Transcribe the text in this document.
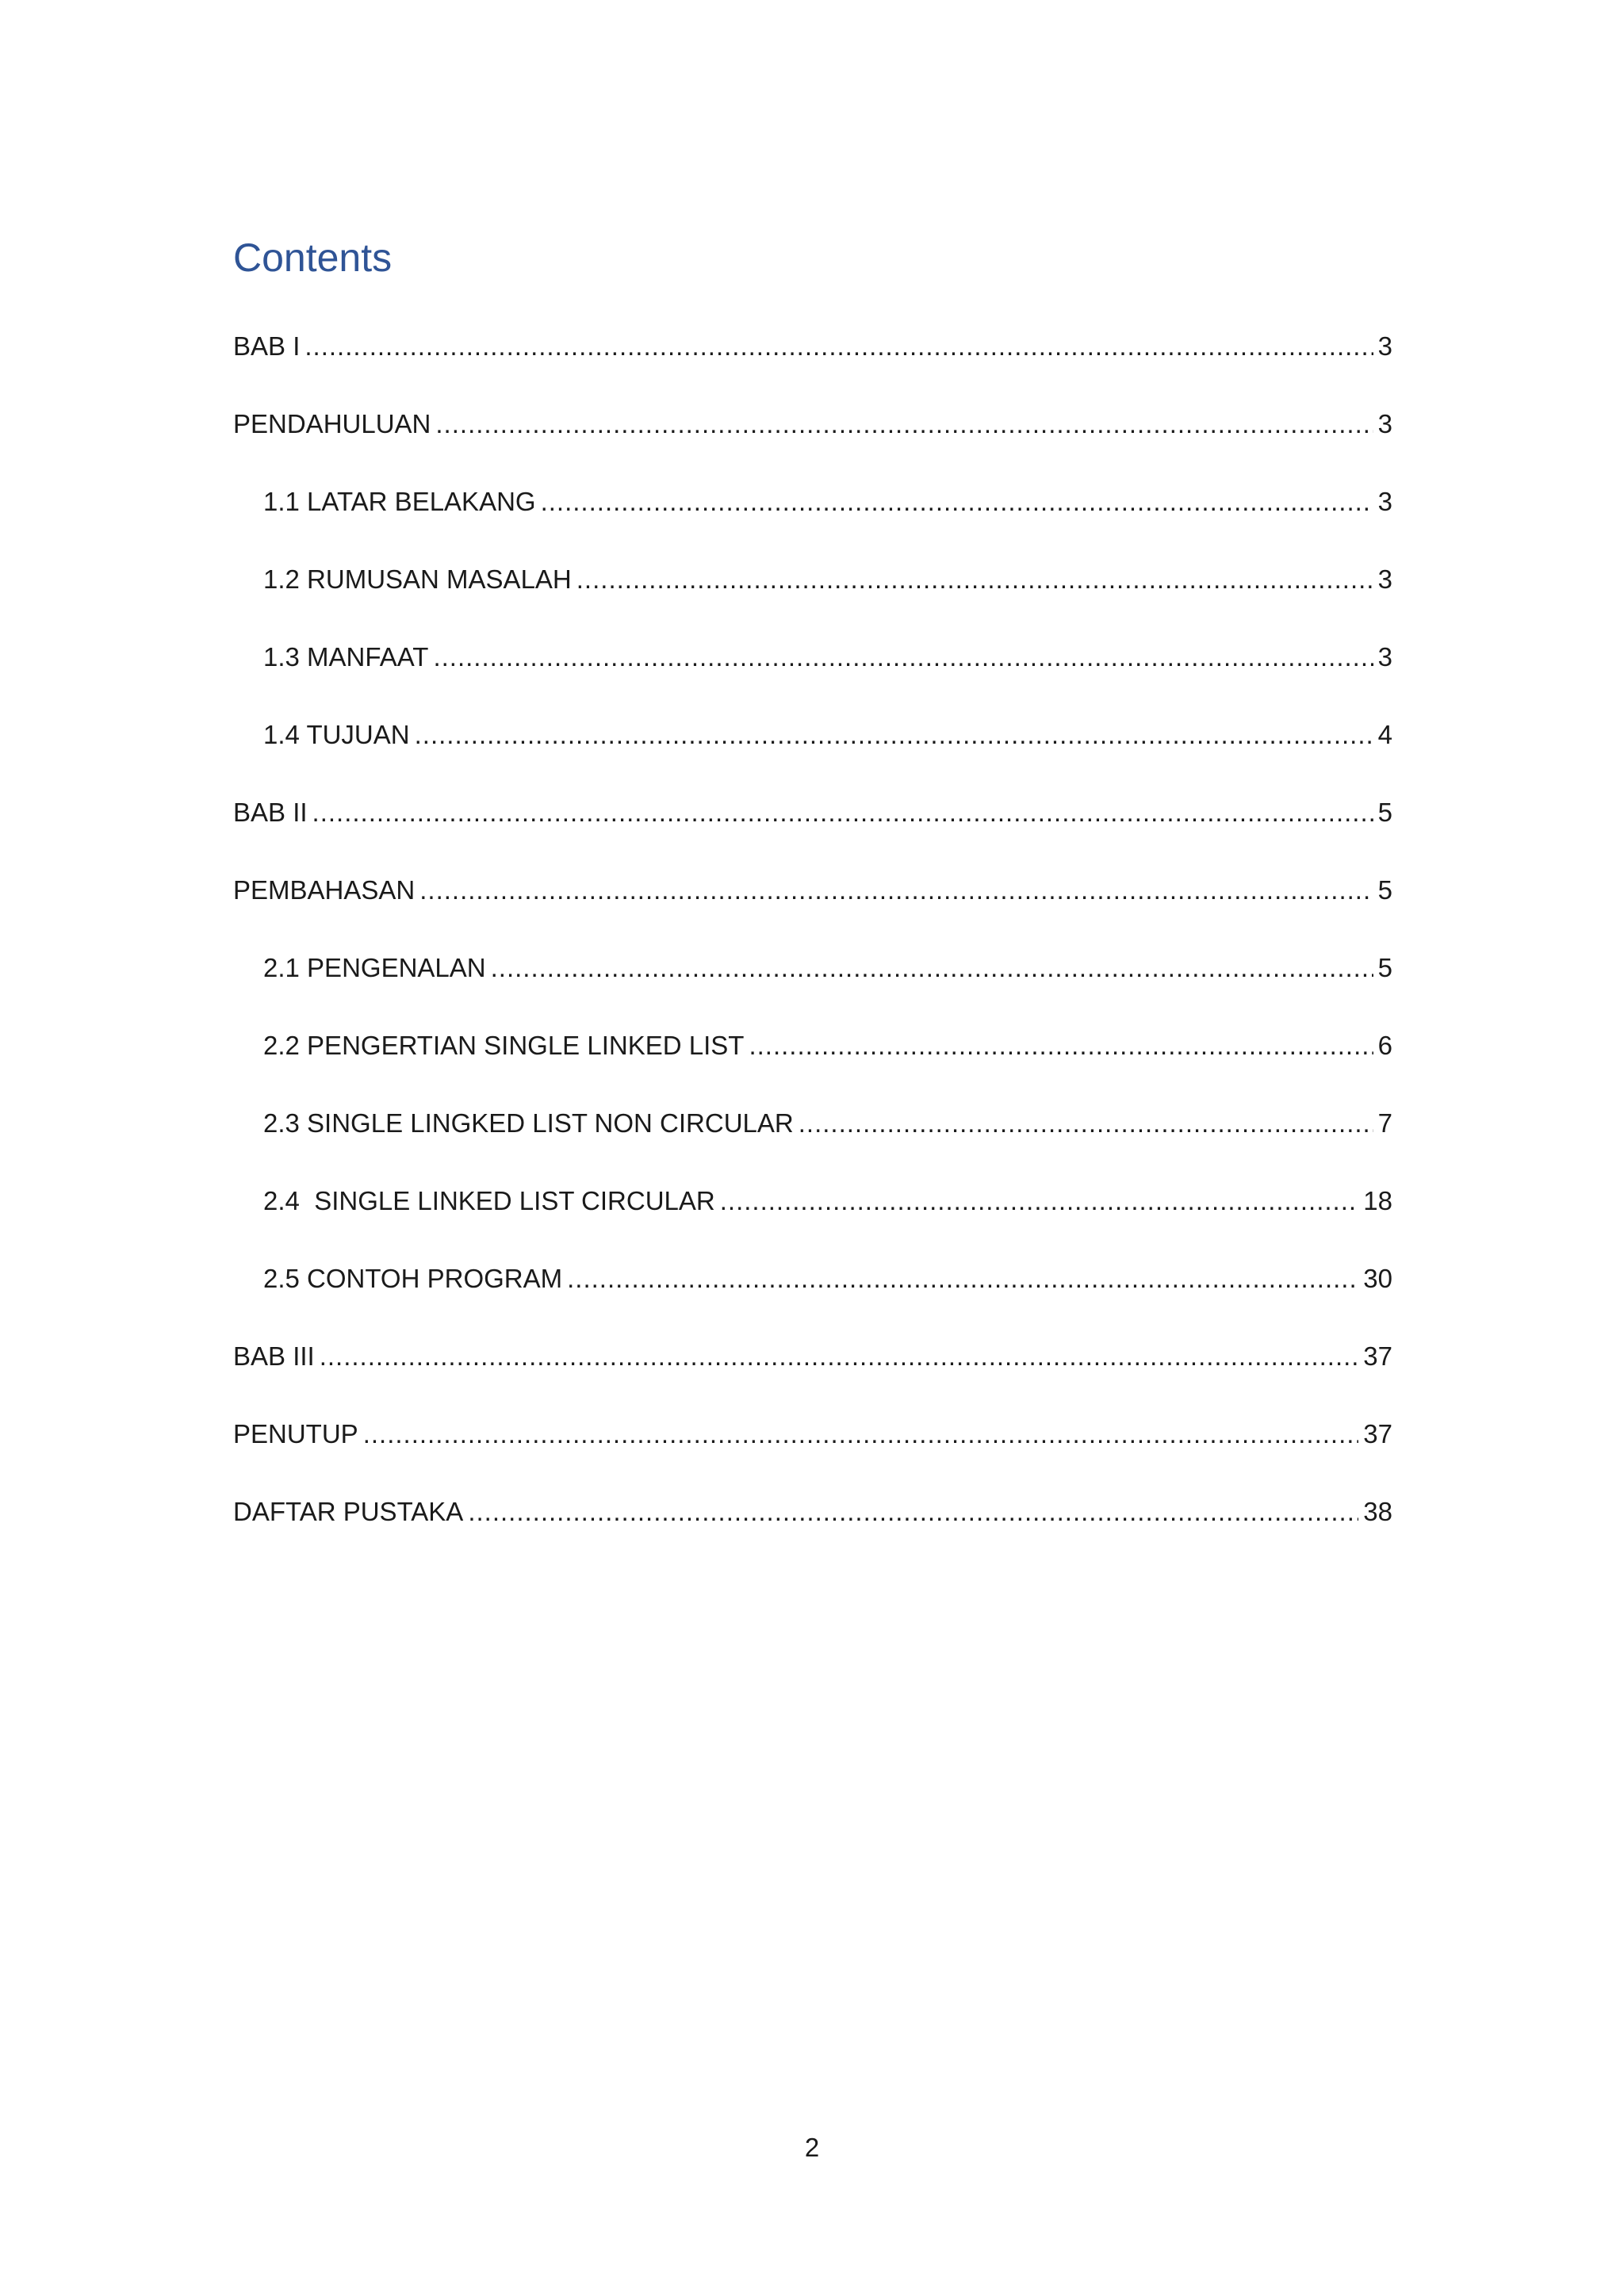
Contents
BAB I .....	3
PENDAHULUAN .....	3
1.1 LATAR BELAKANG .....	3
1.2 RUMUSAN MASALAH .....	3
1.3 MANFAAT .....	3
1.4 TUJUAN .....	4
BAB II .....	5
PEMBAHASAN .....	5
2.1 PENGENALAN .....	5
2.2 PENGERTIAN SINGLE LINKED LIST .....	6
2.3 SINGLE LINGKED LIST NON CIRCULAR .....	7
2.4  SINGLE LINKED LIST CIRCULAR .....	18
2.5 CONTOH PROGRAM .....	30
BAB III .....	37
PENUTUP .....	37
DAFTAR PUSTAKA .....	38
2
